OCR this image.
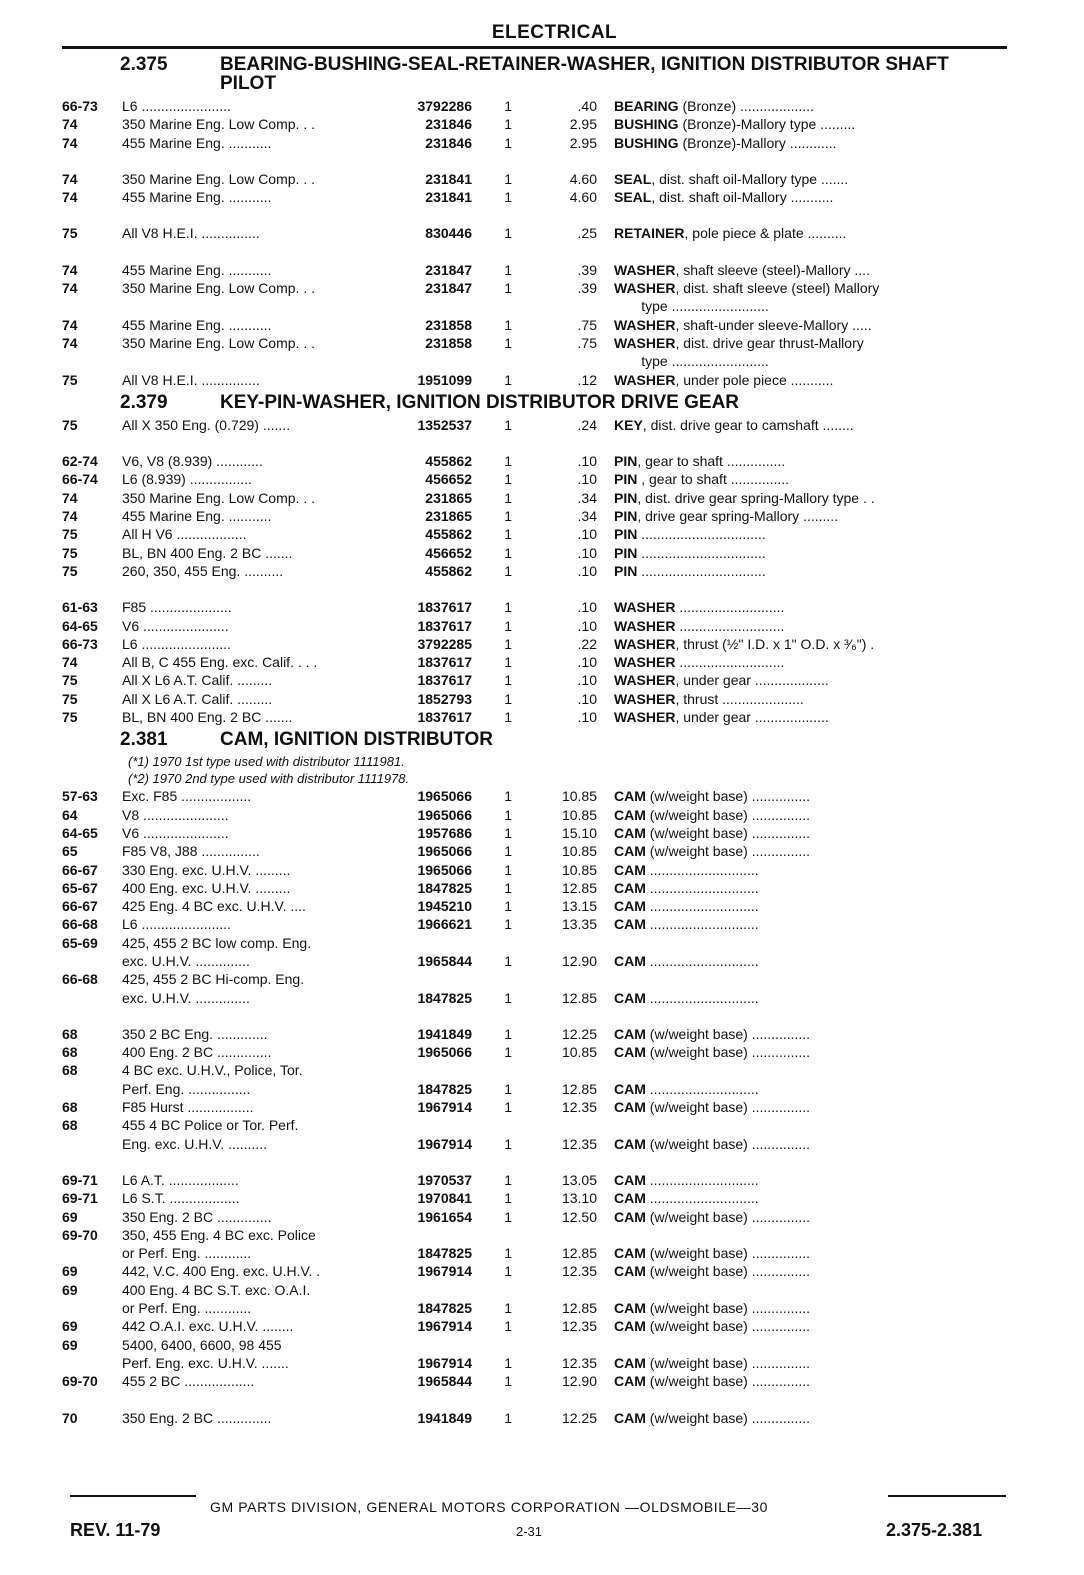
ELECTRICAL
2.375	BEARING-BUSHING-SEAL-RETAINER-WASHER, IGNITION DISTRIBUTOR SHAFT PILOT
66-73	L6 .......................	3792286	1	.40	BEARING (Bronze) ...................
74	350 Marine Eng. Low Comp. . .	231846	1	2.95	BUSHING (Bronze)-Mallory type .........
74	455 Marine Eng. ...........	231846	1	2.95	BUSHING (Bronze)-Mallory ............
74	350 Marine Eng. Low Comp. . .	231841	1	4.60	SEAL, dist. shaft oil-Mallory type .......
74	455 Marine Eng. ...........	231841	1	4.60	SEAL, dist. shaft oil-Mallory ...........
75	All V8 H.E.I. ...............	830446	1	.25	RETAINER, pole piece & plate ..........
74	455 Marine Eng. ...........	231847	1	.39	WASHER, shaft sleeve (steel)-Mallory ....
74	350 Marine Eng. Low Comp. . .	231847	1	.39	WASHER, dist. shaft sleeve (steel) Mallory
type .........................
74	455 Marine Eng. ...........	231858	1	.75	WASHER, shaft-under sleeve-Mallory .....
74	350 Marine Eng. Low Comp. . .	231858	1	.75	WASHER, dist. drive gear thrust-Mallory
type .........................
75	All V8 H.E.I. ...............	1951099	1	.12	WASHER, under pole piece ...........
2.379	KEY-PIN-WASHER, IGNITION DISTRIBUTOR DRIVE GEAR
75	All X 350 Eng. (0.729) .......	1352537	1	.24	KEY, dist. drive gear to camshaft ........
62-74	V6, V8 (8.939) ............	455862	1	.10	PIN, gear to shaft ...............
66-74	L6 (8.939) ................	456652	1	.10	PIN , gear to shaft ...............
74	350 Marine Eng. Low Comp. . .	231865	1	.34	PIN, dist. drive gear spring-Mallory type . .
74	455 Marine Eng. ...........	231865	1	.34	PIN, drive gear spring-Mallory .........
75	All H V6 ..................	455862	1	.10	PIN ................................
75	BL, BN 400 Eng. 2 BC .......	456652	1	.10	PIN ................................
75	260, 350, 455 Eng. ..........	455862	1	.10	PIN ................................
61-63	F85 .....................	1837617	1	.10	WASHER ...........................
64-65	V6 ......................	1837617	1	.10	WASHER ...........................
66-73	L6 .......................	3792285	1	.22	WASHER, thrust (½" I.D. x 1" O.D. x ³⁄₆") .
74	All B, C 455 Eng. exc. Calif. . . .	1837617	1	.10	WASHER ...........................
75	All X L6 A.T. Calif. .........	1837617	1	.10	WASHER, under gear ...................
75	All X L6 A.T. Calif. .........	1852793	1	.10	WASHER, thrust .....................
75	BL, BN 400 Eng. 2 BC .......	1837617	1	.10	WASHER, under gear ...................
2.381	CAM, IGNITION DISTRIBUTOR
(*1) 1970 1st type used with distributor 1111981.
(*2) 1970 2nd type used with distributor 1111978.
57-63	Exc. F85 ..................	1965066	1	10.85	CAM (w/weight base) ...............
64	V8 ......................	1965066	1	10.85	CAM (w/weight base) ...............
64-65	V6 ......................	1957686	1	15.10	CAM (w/weight base) ...............
65	F85 V8, J88 ...............	1965066	1	10.85	CAM (w/weight base) ...............
66-67	330 Eng. exc. U.H.V. .........	1965066	1	10.85	CAM ............................
65-67	400 Eng. exc. U.H.V. .........	1847825	1	12.85	CAM ............................
66-67	425 Eng. 4 BC exc. U.H.V. ....	1945210	1	13.15	CAM ............................
66-68	L6 .......................	1966621	1	13.35	CAM ............................
65-69	425, 455 2 BC low comp. Eng.
exc. U.H.V. ..............	1965844	1	12.90	CAM ............................
66-68	425, 455 2 BC Hi-comp. Eng.
exc. U.H.V. ..............	1847825	1	12.85	CAM ............................
68	350 2 BC Eng. .............	1941849	1	12.25	CAM (w/weight base) ...............
68	400 Eng. 2 BC ..............	1965066	1	10.85	CAM (w/weight base) ...............
68	4 BC exc. U.H.V., Police, Tor.
Perf. Eng. ................	1847825	1	12.85	CAM ............................
68	F85 Hurst .................	1967914	1	12.35	CAM (w/weight base) ...............
68	455 4 BC Police or Tor. Perf.
Eng. exc. U.H.V. ..........	1967914	1	12.35	CAM (w/weight base) ...............
69-71	L6 A.T. ..................	1970537	1	13.05	CAM ............................
69-71	L6 S.T. ..................	1970841	1	13.10	CAM ............................
69	350 Eng. 2 BC ..............	1961654	1	12.50	CAM (w/weight base) ...............
69-70	350, 455 Eng. 4 BC exc. Police
or Perf. Eng. ............	1847825	1	12.85	CAM (w/weight base) ...............
69	442, V.C. 400 Eng. exc. U.H.V. .	1967914	1	12.35	CAM (w/weight base) ...............
69	400 Eng. 4 BC S.T. exc. O.A.I.
or Perf. Eng. ............	1847825	1	12.85	CAM (w/weight base) ...............
69	442 O.A.I. exc. U.H.V. ........	1967914	1	12.35	CAM (w/weight base) ...............
69	5400, 6400, 6600, 98 455
Perf. Eng. exc. U.H.V. .......	1967914	1	12.35	CAM (w/weight base) ...............
69-70	455 2 BC ..................	1965844	1	12.90	CAM (w/weight base) ...............
70	350 Eng. 2 BC ..............	1941849	1	12.25	CAM (w/weight base) ...............
GM PARTS DIVISION, GENERAL MOTORS CORPORATION —OLDSMOBILE—30
REV. 11-79	2-31	2.375-2.381
